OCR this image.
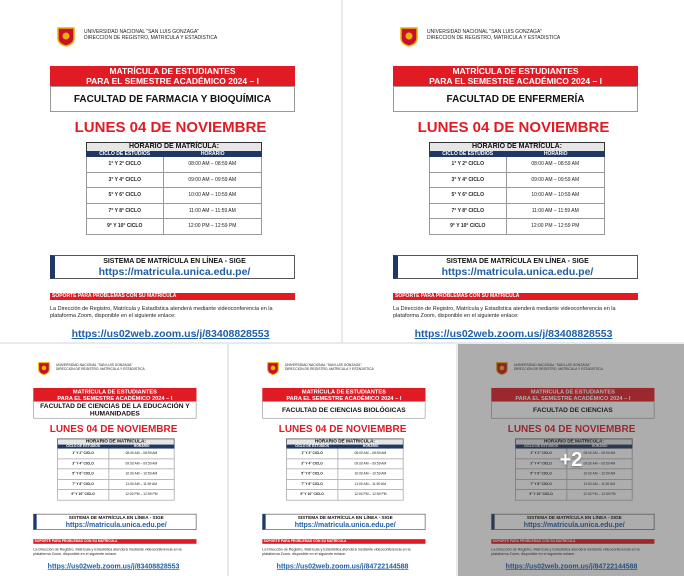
UNIVERSIDAD NACIONAL "SAN LUIS GONZAGA"
DIRECCION DE REGISTRO, MATRICULA Y ESTADISTICA
MATRÍCULA DE ESTUDIANTES
PARA EL SEMESTRE ACADÉMICO 2024 – I
FACULTAD DE FARMACIA Y BIOQUÍMICA
LUNES 04 DE NOVIEMBRE
HORARIO DE MATRÍCULA:
CICLO DE ESTUDIOS	HORARIO
1° Y 2° CICLO	08:00 AM – 08:59 AM
3° Y 4° CICLO	09:00 AM – 09:59 AM
5° Y 6° CICLO	10:00 AM – 10:59 AM
7° Y 8° CICLO	11:00 AM – 11:59 AM
9° Y 10° CICLO	12:00 PM – 12:59 PM
SISTEMA DE MATRÍCULA EN LÍNEA - SIGE
https://matricula.unica.edu.pe/
SOPORTE PARA PROBLEMAS CON SU MATRÍCULA
La Dirección de Registro, Matrícula y Estadística atenderá mediante videoconferencia en la plataforma Zoom, disponible en el siguiente enlace:
https://us02web.zoom.us/j/83408828553
UNIVERSIDAD NACIONAL "SAN LUIS GONZAGA"
DIRECCION DE REGISTRO, MATRICULA Y ESTADISTICA
MATRÍCULA DE ESTUDIANTES
PARA EL SEMESTRE ACADÉMICO 2024 – I
FACULTAD DE ENFERMERÍA
LUNES 04 DE NOVIEMBRE
HORARIO DE MATRÍCULA:
CICLO DE ESTUDIOS	HORARIO
1° Y 2° CICLO	08:00 AM – 08:59 AM
3° Y 4° CICLO	09:00 AM – 09:59 AM
5° Y 6° CICLO	10:00 AM – 10:59 AM
7° Y 8° CICLO	11:00 AM – 11:59 AM
9° Y 10° CICLO	12:00 PM – 12:59 PM
SISTEMA DE MATRÍCULA EN LÍNEA - SIGE
https://matricula.unica.edu.pe/
SOPORTE PARA PROBLEMAS CON SU MATRÍCULA
La Dirección de Registro, Matrícula y Estadística atenderá mediante videoconferencia en la plataforma Zoom, disponible en el siguiente enlace:
https://us02web.zoom.us/j/83408828553
UNIVERSIDAD NACIONAL "SAN LUIS GONZAGA"
DIRECCION DE REGISTRO, MATRICULA Y ESTADISTICA
MATRÍCULA DE ESTUDIANTES
PARA EL SEMESTRE ACADÉMICO 2024 – I
FACULTAD DE CIENCIAS DE LA EDUCACIÓN Y HUMANIDADES
LUNES 04 DE NOVIEMBRE
HORARIO DE MATRÍCULA:
CICLO DE ESTUDIOS	HORARIO
1° Y 2° CICLO	08:00 AM – 08:59 AM
3° Y 4° CICLO	09:00 AM – 09:59 AM
5° Y 6° CICLO	10:00 AM – 10:59 AM
7° Y 8° CICLO	11:00 AM – 11:59 AM
9° Y 10° CICLO	12:00 PM – 12:59 PM
SISTEMA DE MATRÍCULA EN LÍNEA - SIGE
https://matricula.unica.edu.pe/
SOPORTE PARA PROBLEMAS CON SU MATRÍCULA
La Dirección de Registro, Matrícula y Estadística atenderá mediante videoconferencia en la plataforma Zoom, disponible en el siguiente enlace:
https://us02web.zoom.us/j/83408828553
UNIVERSIDAD NACIONAL "SAN LUIS GONZAGA"
DIRECCION DE REGISTRO, MATRICULA Y ESTADISTICA
MATRÍCULA DE ESTUDIANTES
PARA EL SEMESTRE ACADÉMICO 2024 – I
FACULTAD DE CIENCIAS BIOLÓGICAS
LUNES 04 DE NOVIEMBRE
HORARIO DE MATRÍCULA:
CICLO DE ESTUDIOS	HORARIO
1° Y 2° CICLO	08:00 AM – 08:59 AM
3° Y 4° CICLO	09:00 AM – 09:59 AM
5° Y 6° CICLO	10:00 AM – 10:59 AM
7° Y 8° CICLO	11:00 AM – 11:59 AM
9° Y 10° CICLO	12:00 PM – 12:59 PM
SISTEMA DE MATRÍCULA EN LÍNEA - SIGE
https://matricula.unica.edu.pe/
SOPORTE PARA PROBLEMAS CON SU MATRÍCULA
La Dirección de Registro, Matrícula y Estadística atenderá mediante videoconferencia en la plataforma Zoom, disponible en el siguiente enlace:
https://us02web.zoom.us/j/84722144588
UNIVERSIDAD NACIONAL "SAN LUIS GONZAGA"
DIRECCION DE REGISTRO, MATRICULA Y ESTADISTICA
MATRÍCULA DE ESTUDIANTES
PARA EL SEMESTRE ACADÉMICO 2024 – I
FACULTAD DE CIENCIAS
LUNES 04 DE NOVIEMBRE
HORARIO DE MATRÍCULA:
CICLO DE ESTUDIOS	HORARIO
1° Y 2° CICLO	08:00 AM – 08:59 AM
3° Y 4° CICLO	09:00 AM – 09:59 AM
5° Y 6° CICLO	10:00 AM – 10:59 AM
7° Y 8° CICLO	11:00 AM – 11:59 AM
9° Y 10° CICLO	12:00 PM – 12:59 PM
SISTEMA DE MATRÍCULA EN LÍNEA - SIGE
https://matricula.unica.edu.pe/
SOPORTE PARA PROBLEMAS CON SU MATRÍCULA
La Dirección de Registro, Matrícula y Estadística atenderá mediante videoconferencia en la plataforma Zoom, disponible en el siguiente enlace:
https://us02web.zoom.us/j/84722144588
+2
